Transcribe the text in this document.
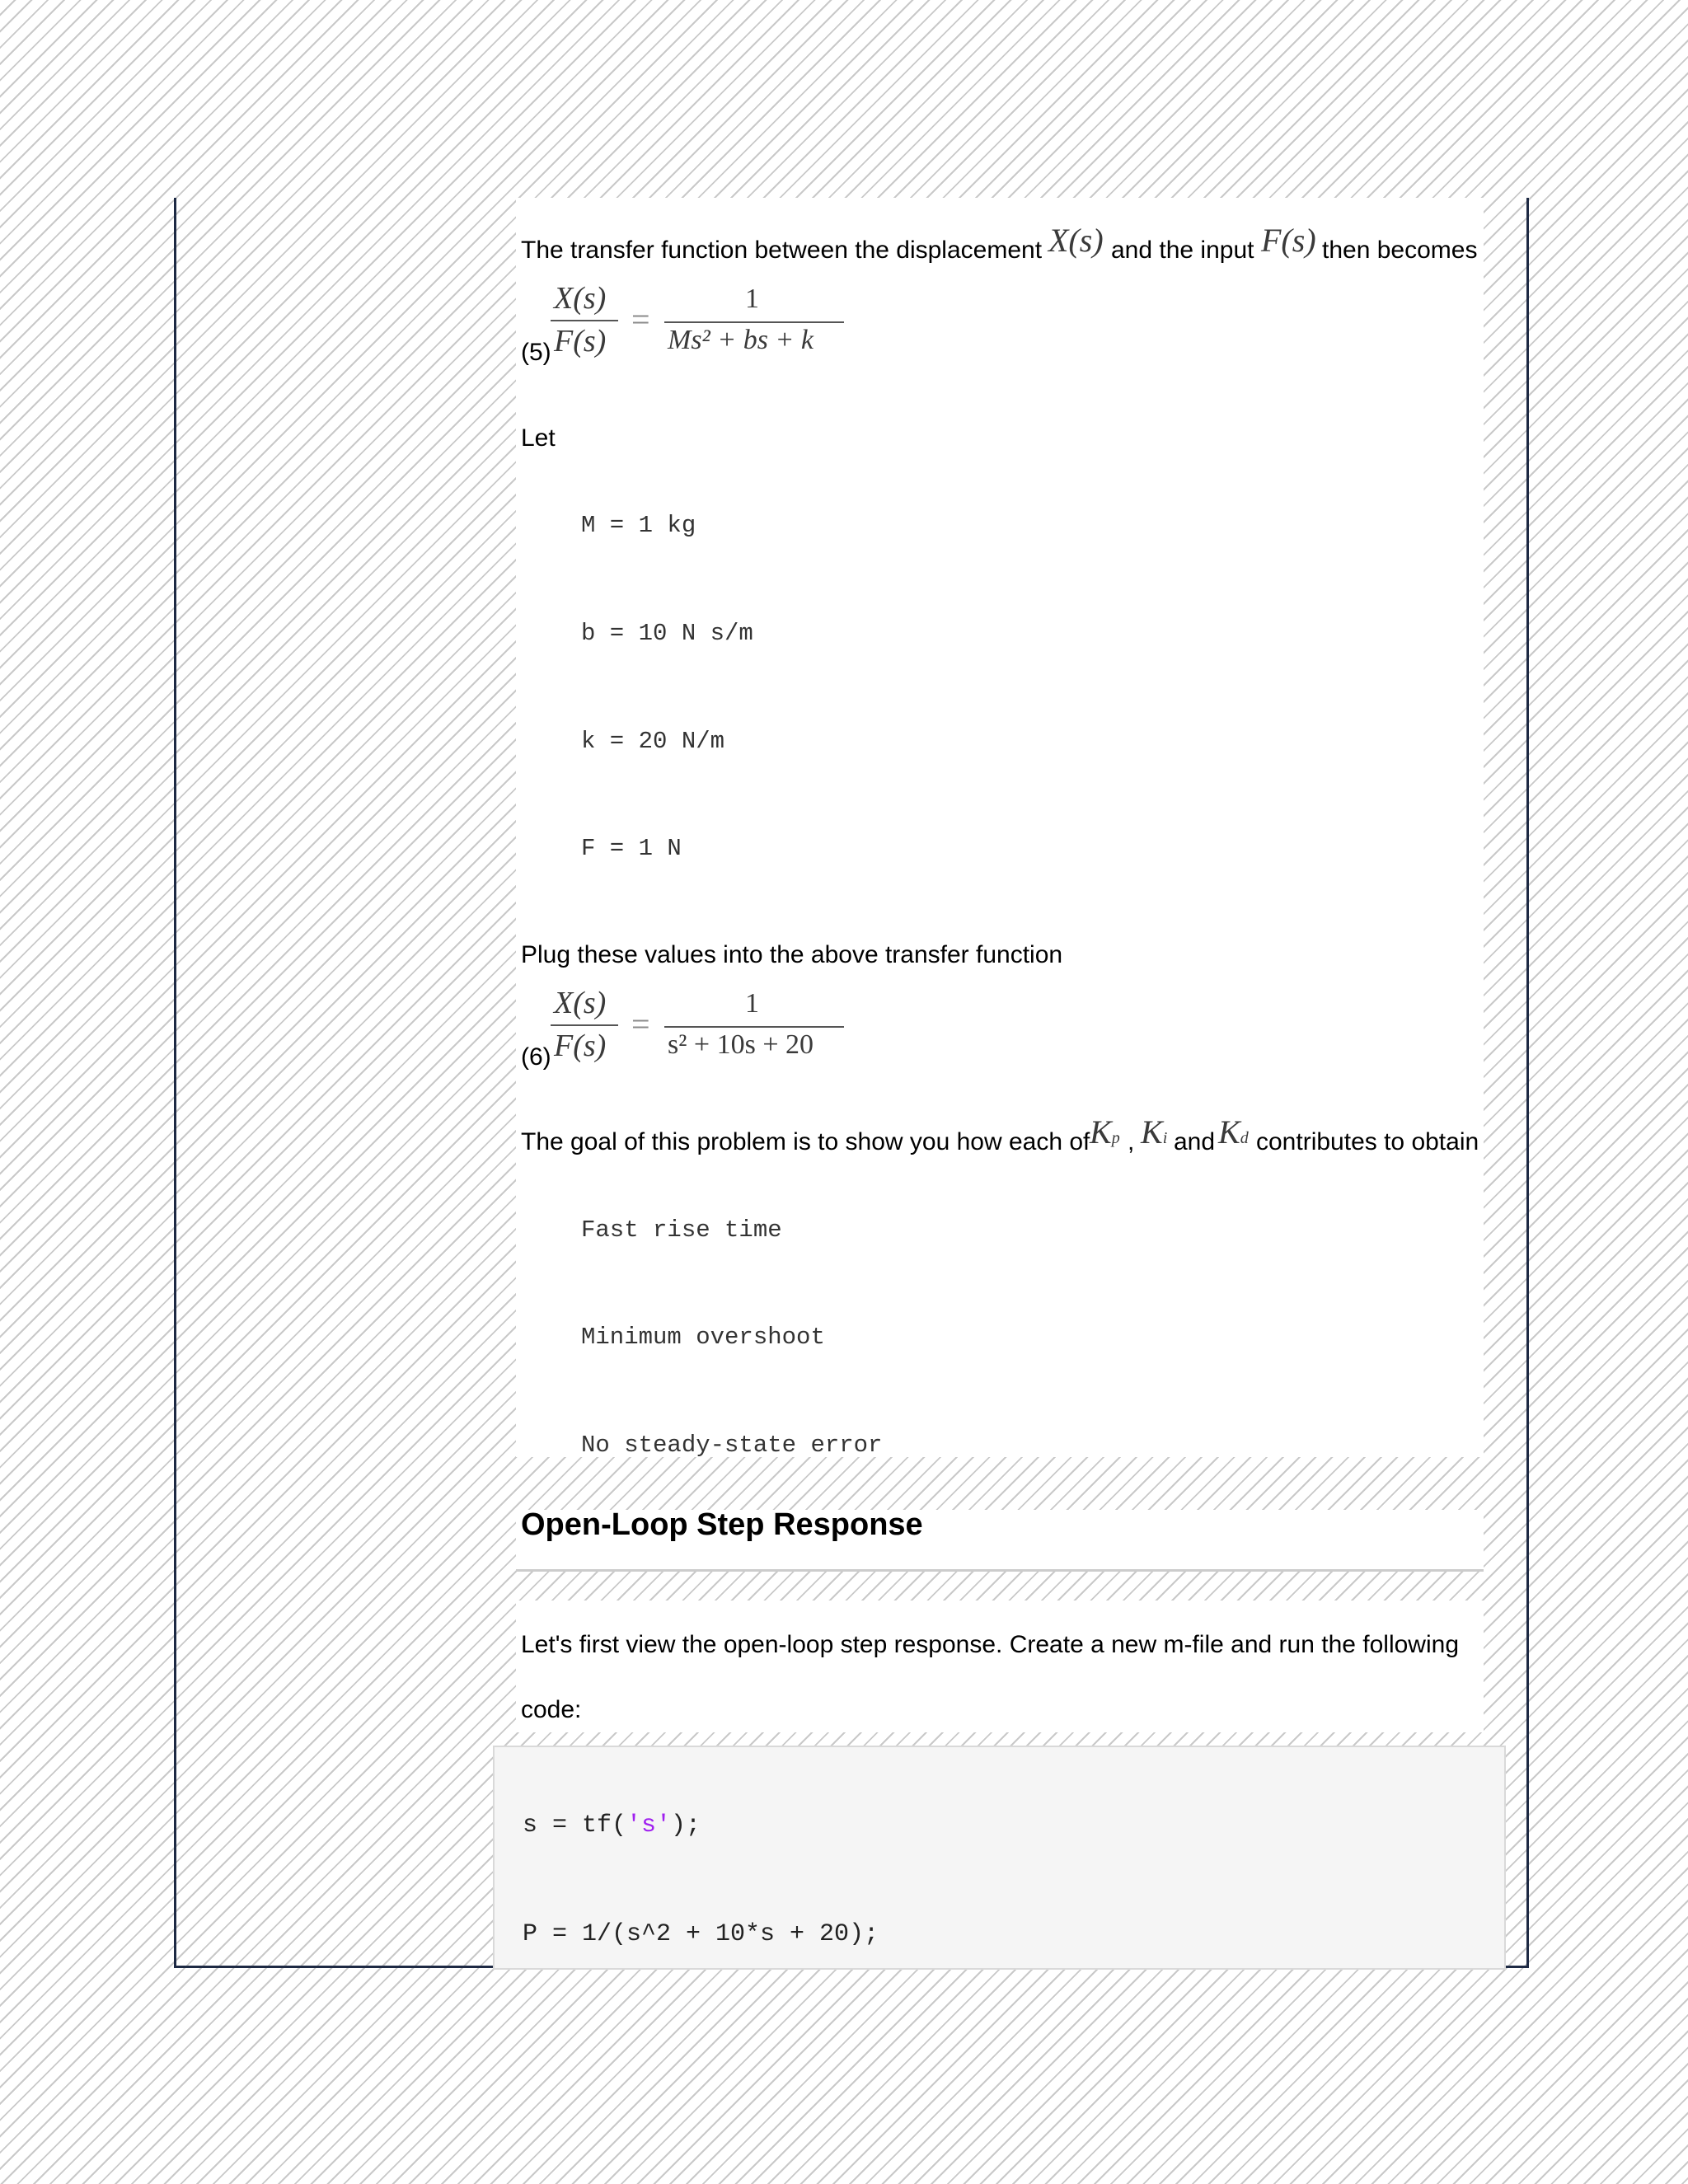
The transfer function between the displacement X(s) and the input F(s) then becomes
(5)
X(s)
F(s)
=
1
Ms² + bs + k
Let
M = 1 kg
b = 10 N s/m
k = 20 N/m
F = 1 N
Plug these values into the above transfer function
(6)
X(s)
F(s)
=
1
s² + 10s + 20
The goal of this problem is to show you how each of Kp , Ki and Kd contributes to obtain
Fast rise time
Minimum overshoot
No steady-state error
Open-Loop Step Response
Let's first view the open-loop step response. Create a new m-file and run the following
code:
s = tf('s');
P = 1/(s^2 + 10*s + 20);
